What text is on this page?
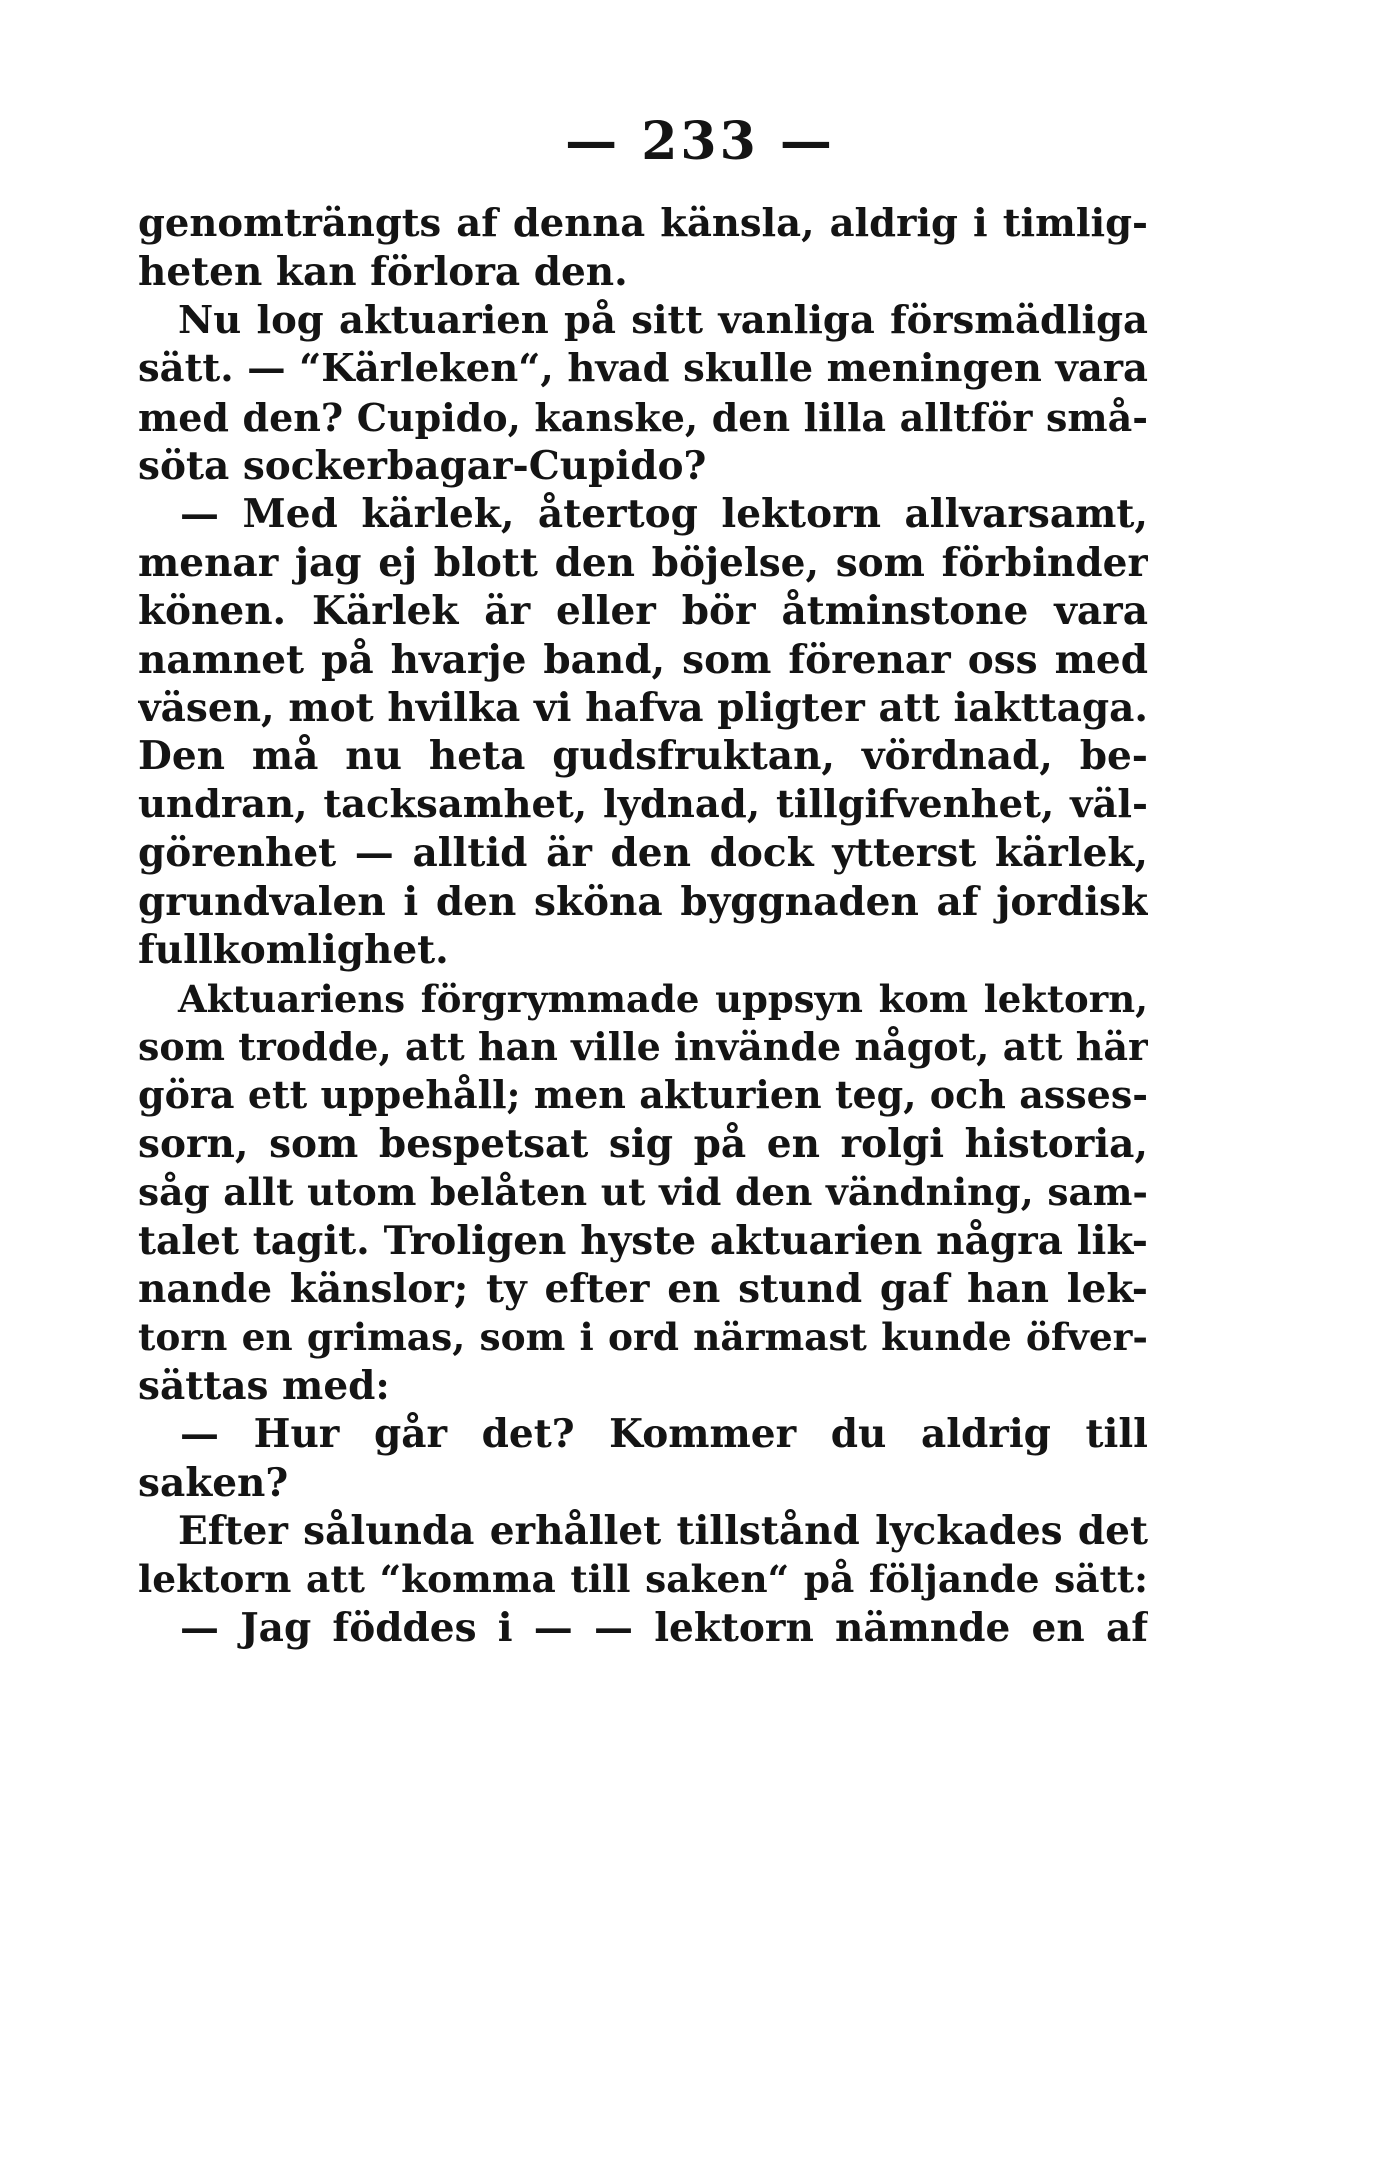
— 233 —
genomträngts af denna känsla, aldrig i timlig-
heten kan förlora den.
Nu log aktuarien på sitt vanliga försmädliga
sätt. — “Kärleken“, hvad skulle meningen vara
med den? Cupido, kanske, den lilla alltför små-
söta sockerbagar-Cupido?
— Med kärlek, återtog lektorn allvarsamt,
menar jag ej blott den böjelse, som förbinder
könen. Kärlek är eller bör åtminstone vara
namnet på hvarje band, som förenar oss med
väsen, mot hvilka vi hafva pligter att iakttaga.
Den må nu heta gudsfruktan, vördnad, be-
undran, tacksamhet, lydnad, tillgifvenhet, väl-
görenhet — alltid är den dock ytterst kärlek,
grundvalen i den sköna byggnaden af jordisk
fullkomlighet.
Aktuariens förgrymmade uppsyn kom lektorn,
som trodde, att han ville invände något, att här
göra ett uppehåll; men akturien teg, och asses-
sorn, som bespetsat sig på en rolgi historia,
såg allt utom belåten ut vid den vändning, sam-
talet tagit. Troligen hyste aktuarien några lik-
nande känslor; ty efter en stund gaf han lek-
torn en grimas, som i ord närmast kunde öfver-
sättas med:
— Hur går det? Kommer du aldrig till
saken?
Efter sålunda erhållet tillstånd lyckades det
lektorn att “komma till saken“ på följande sätt:
— Jag föddes i — — lektorn nämnde en af
